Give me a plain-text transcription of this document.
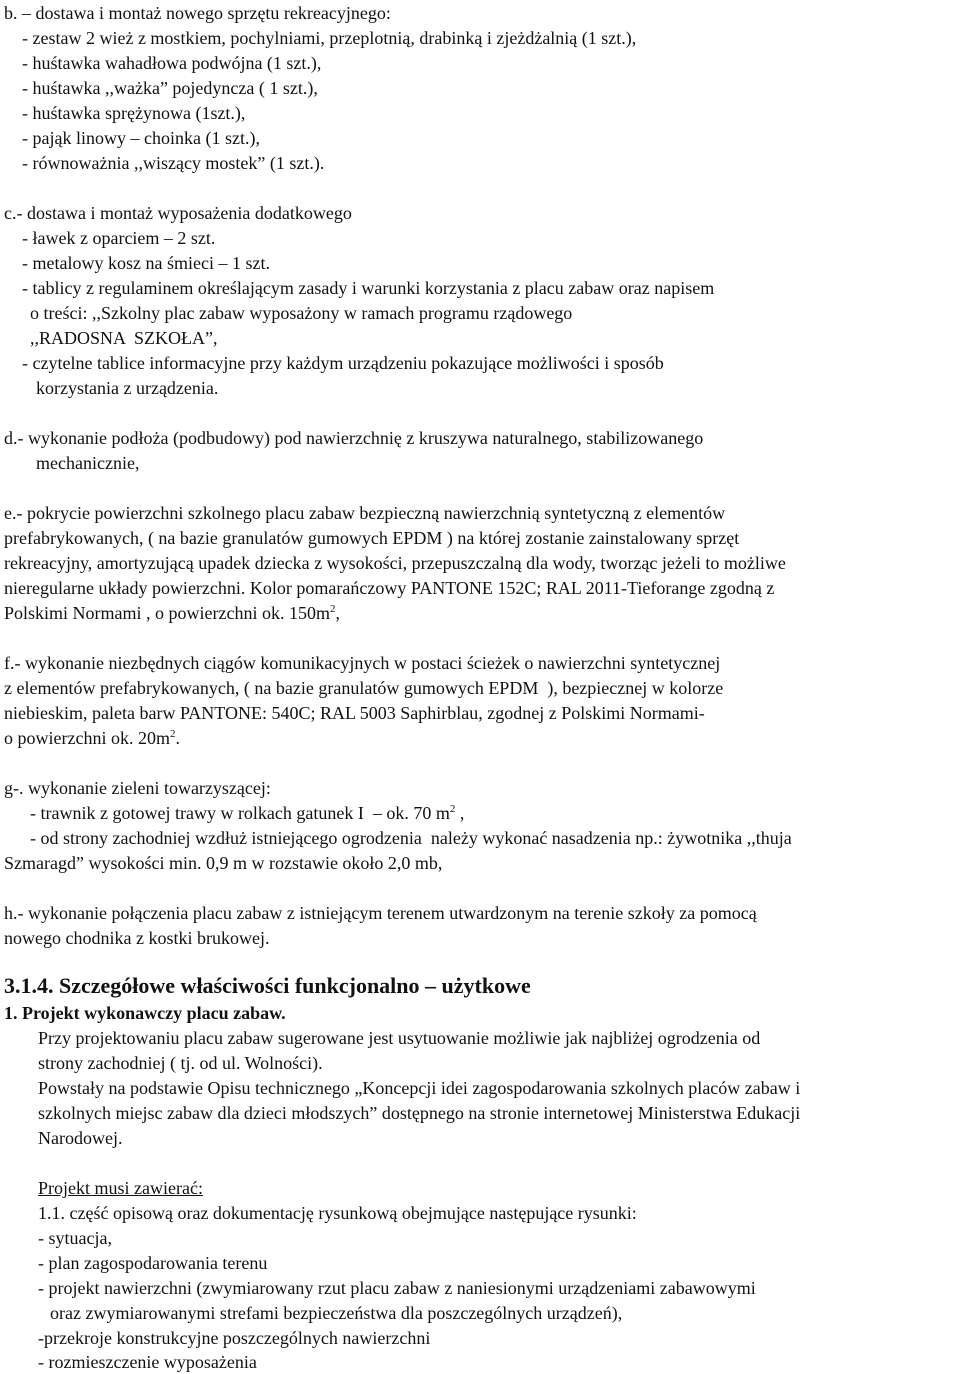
b. – dostawa i montaż nowego sprzętu rekreacyjnego:
- zestaw 2 wież z mostkiem, pochylniami, przeplotnią, drabinką i zjeżdżalnią (1 szt.),
- huśtawka wahadłowa podwójna (1 szt.),
- huśtawka ,,ważka” pojedyncza ( 1 szt.),
- huśtawka sprężynowa (1szt.),
- pająk linowy – choinka (1 szt.),
- równoważnia ,,wiszący mostek” (1 szt.).
c.- dostawa i montaż wyposażenia dodatkowego
- ławek z oparciem – 2 szt.
- metalowy kosz na śmieci – 1 szt.
- tablicy z regulaminem określającym zasady i warunki korzystania z placu zabaw oraz napisem
o treści: ,,Szkolny plac zabaw wyposażony w ramach programu rządowego
,,RADOSNA  SZKOŁA”,
- czytelne tablice informacyjne przy każdym urządzeniu pokazujące możliwości i sposób
korzystania z urządzenia.
d.- wykonanie podłoża (podbudowy) pod nawierzchnię z kruszywa naturalnego, stabilizowanego
mechanicznie,
e.- pokrycie powierzchni szkolnego placu zabaw bezpieczną nawierzchnią syntetyczną z elementów
prefabrykowanych, ( na bazie granulatów gumowych EPDM ) na której zostanie zainstalowany sprzęt
rekreacyjny, amortyzującą upadek dziecka z wysokości, przepuszczalną dla wody, tworząc jeżeli to możliwe
nieregularne układy powierzchni. Kolor pomarańczowy PANTONE 152C; RAL 2011-Tieforange zgodną z
Polskimi Normami , o powierzchni ok. $150m^2$,
f.- wykonanie niezbędnych ciągów komunikacyjnych w postaci ścieżek o nawierzchni syntetycznej
z elementów prefabrykowanych, ( na bazie granulatów gumowych EPDM  ), bezpiecznej w kolorze
niebieskim, paleta barw PANTONE: 540C; RAL 5003 Saphirblau, zgodnej z Polskimi Normami-
o powierzchni ok. $20m^2$.
g-. wykonanie zieleni towarzyszącej:
- trawnik z gotowej trawy w rolkach gatunek I  – ok. 70 $m^2$ ,
- od strony zachodniej wzdłuż istniejącego ogrodzenia  należy wykonać nasadzenia np.: żywotnika ,,thuja
Szmaragd” wysokości min. 0,9 m w rozstawie około 2,0 mb,
h.- wykonanie połączenia placu zabaw z istniejącym terenem utwardzonym na terenie szkoły za pomocą
nowego chodnika z kostki brukowej.
3.1.4. Szczegółowe właściwości funkcjonalno – użytkowe
1. Projekt wykonawczy placu zabaw.
Przy projektowaniu placu zabaw sugerowane jest usytuowanie możliwie jak najbliżej ogrodzenia od
strony zachodniej ( tj. od ul. Wolności).
Powstały na podstawie Opisu technicznego „Koncepcji idei zagospodarowania szkolnych placów zabaw i
szkolnych miejsc zabaw dla dzieci młodszych” dostępnego na stronie internetowej Ministerstwa Edukacji
Narodowej.
Projekt musi zawierać:
1.1. część opisową oraz dokumentację rysunkową obejmujące następujące rysunki:
- sytuacja,
- plan zagospodarowania terenu
- projekt nawierzchni (zwymiarowany rzut placu zabaw z naniesionymi urządzeniami zabawowymi
oraz zwymiarowanymi strefami bezpieczeństwa dla poszczególnych urządzeń),
-przekroje konstrukcyjne poszczególnych nawierzchni
- rozmieszczenie wyposażenia
